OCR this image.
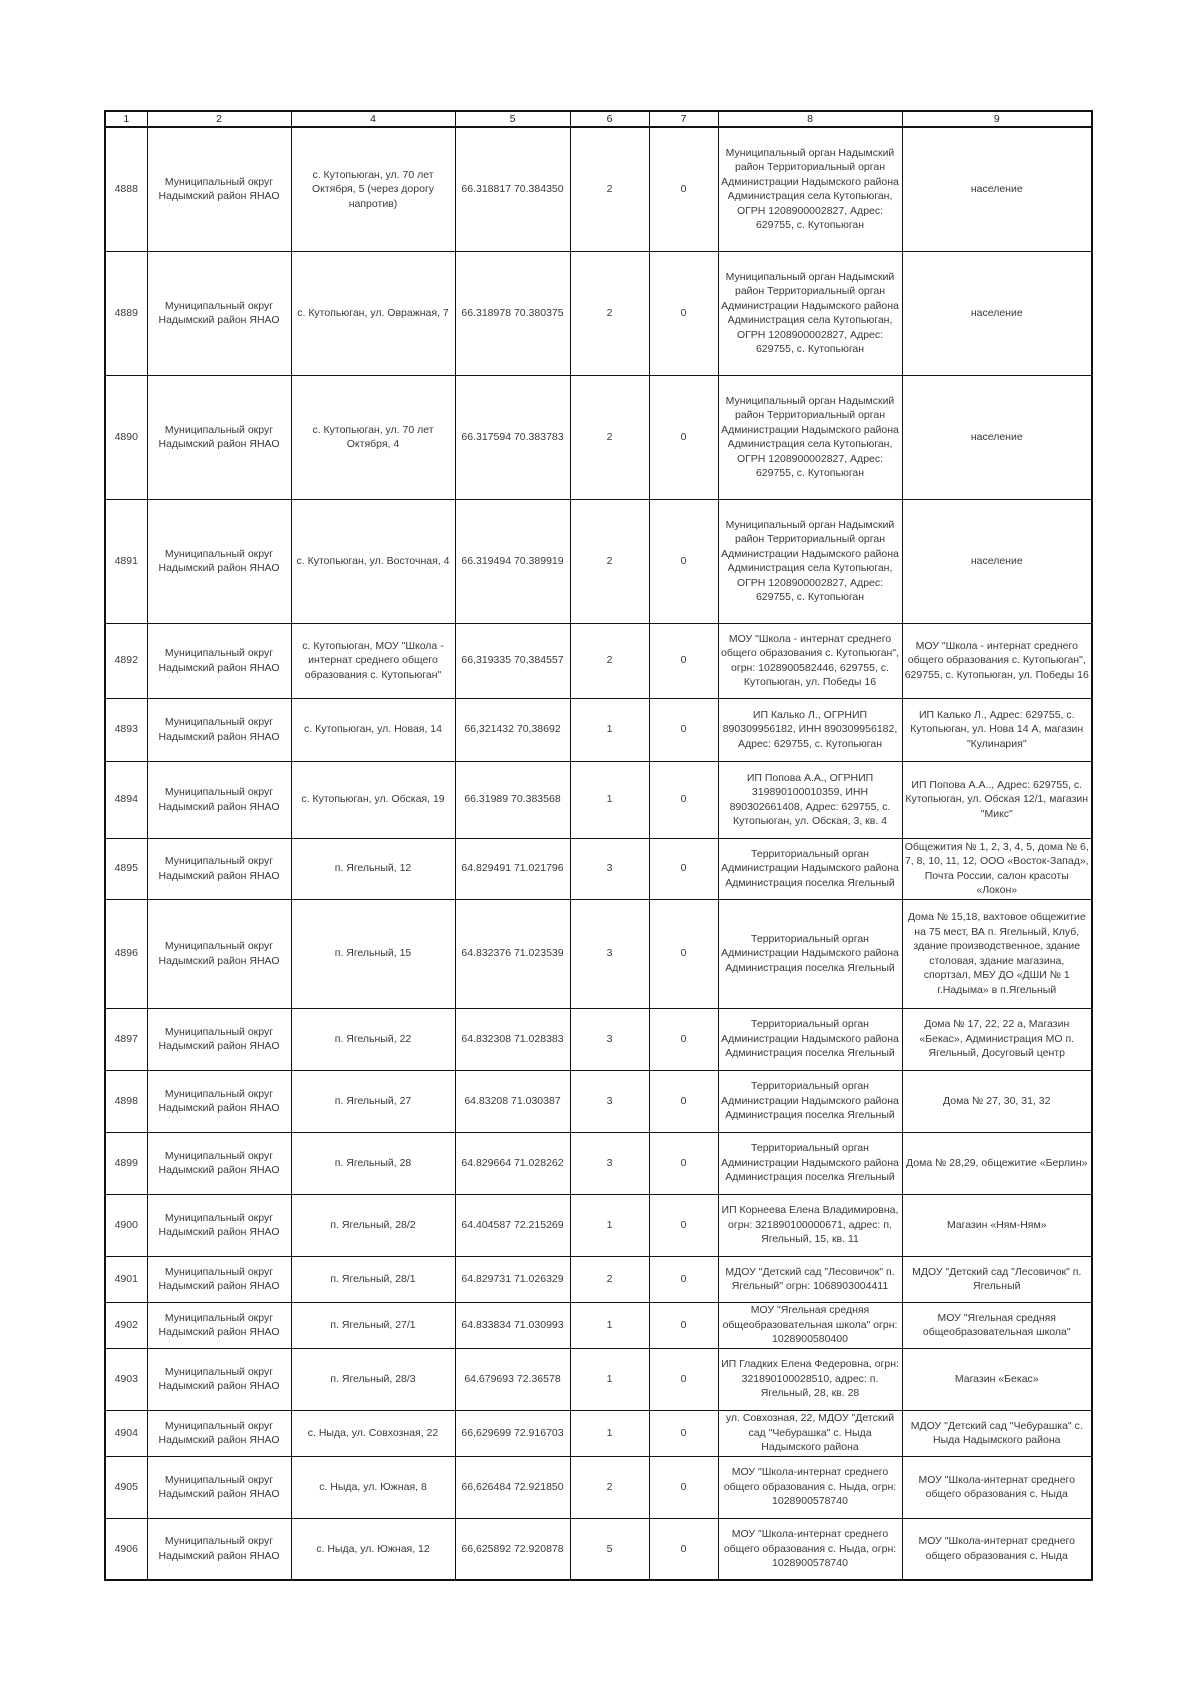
1	2	4	5	6	7	8	9
4888	Муниципальный округ Надымский район ЯНАО	с. Кутопьюган, ул. 70 лет Октября, 5 (через дорогу напротив)	66.318817 70.384350	2	0	Муниципальный орган Надымский район Территориальный орган Администрации Надымского района Администрация села Кутопьюган, ОГРН 1208900002827, Адрес: 629755, с. Кутопьюган	население
4889	Муниципальный округ Надымский район ЯНАО	с. Кутопьюган, ул. Овражная, 7	66.318978 70.380375	2	0	Муниципальный орган Надымский район Территориальный орган Администрации Надымского района Администрация села Кутопьюган, ОГРН 1208900002827, Адрес: 629755, с. Кутопьюган	население
4890	Муниципальный округ Надымский район ЯНАО	с. Кутопьюган, ул. 70 лет Октября, 4	66.317594 70.383783	2	0	Муниципальный орган Надымский район Территориальный орган Администрации Надымского района Администрация села Кутопьюган, ОГРН 1208900002827, Адрес: 629755, с. Кутопьюган	население
4891	Муниципальный округ Надымский район ЯНАО	с. Кутопьюган, ул. Восточная, 4	66.319494 70.389919	2	0	Муниципальный орган Надымский район Территориальный орган Администрации Надымского района Администрация села Кутопьюган, ОГРН 1208900002827, Адрес: 629755, с. Кутопьюган	население
4892	Муниципальный округ Надымский район ЯНАО	с. Кутопьюган, МОУ "Школа - интернат среднего общего образования с. Кутопьюган"	66,319335 70,384557	2	0	МОУ "Школа - интернат среднего общего образования с. Кутопьюган", огрн: 1028900582446, 629755, с. Кутопьюган, ул. Победы 16	МОУ "Школа - интернат среднего общего образования с. Кутопьюган", 629755, с. Кутопьюган, ул. Победы 16
4893	Муниципальный округ Надымский район ЯНАО	с. Кутопьюган, ул. Новая, 14	66,321432 70,38692	1	0	ИП Калько Л., ОГРНИП 890309956182, ИНН 890309956182, Адрес: 629755, с. Кутопьюган	ИП Калько Л., Адрес: 629755, с. Кутопьюган, ул. Нова 14 А, магазин "Кулинария"
4894	Муниципальный округ Надымский район ЯНАО	с. Кутопьюган, ул. Обская, 19	66.31989 70.383568	1	0	ИП Попова А.А., ОГРНИП 319890100010359, ИНН 890302661408, Адрес: 629755, с. Кутопьюган, ул. Обская, 3, кв. 4	ИП Попова А.А.., Адрес: 629755, с. Кутопьюган, ул. Обская 12/1, магазин "Микс"
4895	Муниципальный округ Надымский район ЯНАО	п. Ягельный, 12	64.829491 71.021796	3	0	Территориальный орган Администрации Надымского района Администрация поселка Ягельный	Общежития № 1, 2, 3, 4, 5, дома № 6, 7, 8, 10, 11, 12, ООО «Восток-Запад», Почта России, салон красоты «Локон»
4896	Муниципальный округ Надымский район ЯНАО	п. Ягельный, 15	64.832376 71.023539	3	0	Территориальный орган Администрации Надымского района Администрация поселка Ягельный	Дома № 15,18, вахтовое общежитие на 75 мест, ВА п. Ягельный, Клуб, здание производственное, здание столовая, здание магазина, спортзал, МБУ ДО «ДШИ № 1 г.Надыма» в п.Ягельный
4897	Муниципальный округ Надымский район ЯНАО	п. Ягельный, 22	64.832308 71.028383	3	0	Территориальный орган Администрации Надымского района Администрация поселка Ягельный	Дома № 17, 22, 22 а, Магазин «Бекас», Администрация МО п. Ягельный, Досуговый центр
4898	Муниципальный округ Надымский район ЯНАО	п. Ягельный, 27	64.83208 71.030387	3	0	Территориальный орган Администрации Надымского района Администрация поселка Ягельный	Дома № 27, 30, 31, 32
4899	Муниципальный округ Надымский район ЯНАО	п. Ягельный, 28	64.829664 71.028262	3	0	Территориальный орган Администрации Надымского района Администрация поселка Ягельный	Дома № 28,29, общежитие «Берлин»
4900	Муниципальный округ Надымский район ЯНАО	п. Ягельный, 28/2	64.404587 72.215269	1	0	ИП Корнеева Елена Владимировна, огрн: 321890100000671, адрес: п. Ягельный, 15, кв. 11	Магазин «Ням-Ням»
4901	Муниципальный округ Надымский район ЯНАО	п. Ягельный, 28/1	64.829731 71.026329	2	0	МДОУ "Детский сад "Лесовичок" п. Ягельный" огрн: 1068903004411	МДОУ "Детский сад "Лесовичок" п. Ягельный
4902	Муниципальный округ Надымский район ЯНАО	п. Ягельный, 27/1	64.833834 71.030993	1	0	МОУ "Ягельная средняя общеобразовательная школа" огрн: 1028900580400	МОУ "Ягельная средняя общеобразовательная школа"
4903	Муниципальный округ Надымский район ЯНАО	п. Ягельный, 28/3	64.679693 72.36578	1	0	ИП Гладких Елена Федеровна, огрн: 321890100028510, адрес: п. Ягельный, 28, кв. 28	Магазин «Бекас»
4904	Муниципальный округ Надымский район ЯНАО	с. Ныда, ул. Совхозная, 22	66,629699 72.916703	1	0	ул. Совхозная, 22, МДОУ "Детский сад "Чебурашка" с. Ныда Надымского района	МДОУ "Детский сад "Чебурашка" с. Ныда Надымского района
4905	Муниципальный округ Надымский район ЯНАО	с. Ныда, ул. Южная, 8	66,626484 72.921850	2	0	МОУ "Школа-интернат среднего общего образования с. Ныда, огрн: 1028900578740	МОУ "Школа-интернат среднего общего образования с. Ныда
4906	Муниципальный округ Надымский район ЯНАО	с. Ныда, ул. Южная, 12	66,625892 72.920878	5	0	МОУ "Школа-интернат среднего общего образования с. Ныда, огрн: 1028900578740	МОУ "Школа-интернат среднего общего образования с. Ныда
